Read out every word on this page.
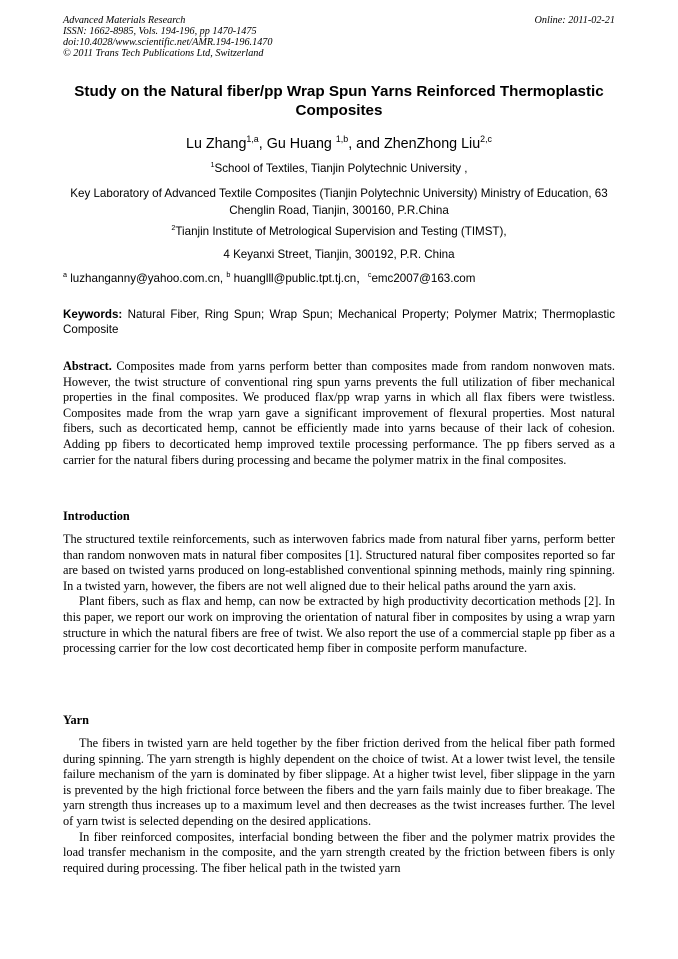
Advanced Materials Research
ISSN: 1662-8985, Vols. 194-196, pp 1470-1475
doi:10.4028/www.scientific.net/AMR.194-196.1470
© 2011 Trans Tech Publications Ltd, Switzerland
Online: 2011-02-21
Study on the Natural fiber/pp Wrap Spun Yarns Reinforced Thermoplastic Composites
Lu Zhang$^{1,a}$, Gu Huang $^{1,b}$, and ZhenZhong Liu$^{2,c}$
$^1$School of Textiles, Tianjin Polytechnic University ,
Key Laboratory of Advanced Textile Composites (Tianjin Polytechnic University) Ministry of Education, 63 Chenglin Road, Tianjin, 300160, P.R.China
$^2$Tianjin Institute of Metrological Supervision and Testing (TIMST),
4 Keyanxi Street, Tianjin, 300192, P.R. China
$^a$ luzhanganny@yahoo.com.cn, $^b$ huanglll@public.tpt.tj.cn，$^c$emc2007@163.com
Keywords: Natural Fiber, Ring Spun; Wrap Spun; Mechanical Property; Polymer Matrix; Thermoplastic Composite

Abstract. Composites made from yarns perform better than composites made from random nonwoven mats. However, the twist structure of conventional ring spun yarns prevents the full utilization of fiber mechanical properties in the final composites. We produced flax/pp wrap yarns in which all flax fibers were twistless. Composites made from the wrap yarn gave a significant improvement of flexural properties. Most natural fibers, such as decorticated hemp, cannot be efficiently made into yarns because of their lack of cohesion. Adding pp fibers to decorticated hemp improved textile processing performance. The pp fibers served as a carrier for the natural fibers during processing and became the polymer matrix in the final composites.

Introduction

The structured textile reinforcements, such as interwoven fabrics made from natural fiber yarns, perform better than random nonwoven mats in natural fiber composites [1]. Structured natural fiber composites reported so far are based on twisted yarns produced on long-established conventional spinning methods, mainly ring spinning. In a twisted yarn, however, the fibers are not well aligned due to their helical paths around the yarn axis.

Plant fibers, such as flax and hemp, can now be extracted by high productivity decortication methods [2]. In this paper, we report our work on improving the orientation of natural fiber in composites by using a wrap yarn structure in which the natural fibers are free of twist. We also report the use of a commercial staple pp fiber as a processing carrier for the low cost decorticated hemp fiber in composite perform manufacture.

Yarn

The fibers in twisted yarn are held together by the fiber friction derived from the helical fiber path formed during spinning. The yarn strength is highly dependent on the choice of twist. At a lower twist level, the tensile failure mechanism of the yarn is dominated by fiber slippage. At a higher twist level, fiber slippage in the yarn is prevented by the high frictional force between the fibers and the yarn fails mainly due to fiber breakage. The yarn strength thus increases up to a maximum level and then decreases as the twist increases further. The level of yarn twist is selected depending on the desired applications.

In fiber reinforced composites, interfacial bonding between the fiber and the polymer matrix provides the load transfer mechanism in the composite, and the yarn strength created by the friction between fibers is only required during processing. The fiber helical path in the twisted yarn
